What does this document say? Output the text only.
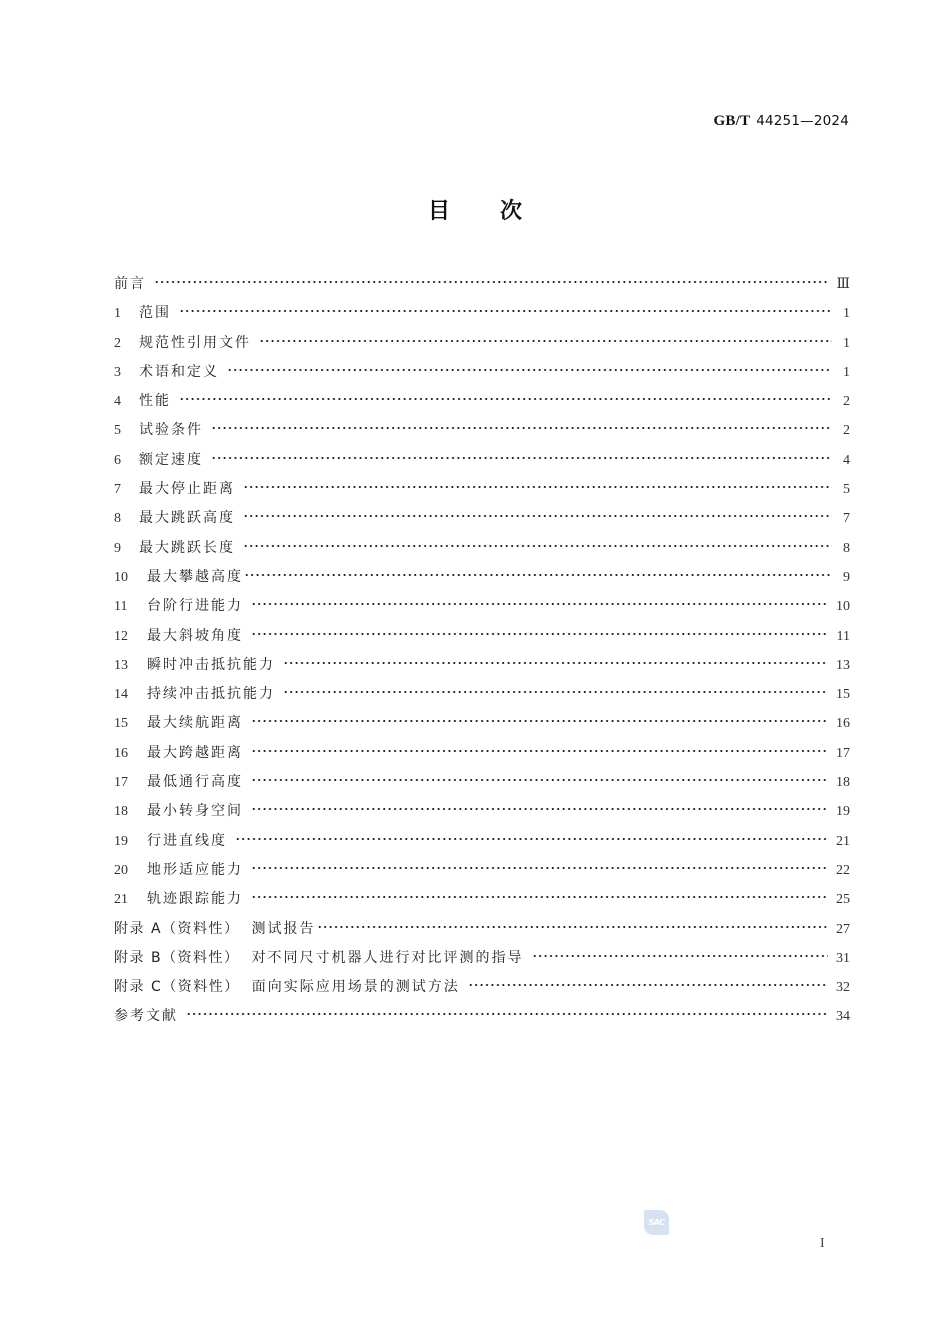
GB/T 44251—2024
目 次
前言	Ⅲ
1	范围	1
2	规范性引用文件	1
3	术语和定义	1
4	性能	2
5	试验条件	2
6	额定速度	4
7	最大停止距离	5
8	最大跳跃高度	7
9	最大跳跃长度	8
10	最大攀越高度	9
11	台阶行进能力	10
12	最大斜坡角度	11
13	瞬时冲击抵抗能力	13
14	持续冲击抵抗能力	15
15	最大续航距离	16
16	最大跨越距离	17
17	最低通行高度	18
18	最小转身空间	19
19	行进直线度	21
20	地形适应能力	22
21	轨迹跟踪能力	25
附录 A（资料性） 测试报告	27
附录 B（资料性） 对不同尺寸机器人进行对比评测的指导	31
附录 C（资料性） 面向实际应用场景的测试方法	32
参考文献	34
SAC
I
